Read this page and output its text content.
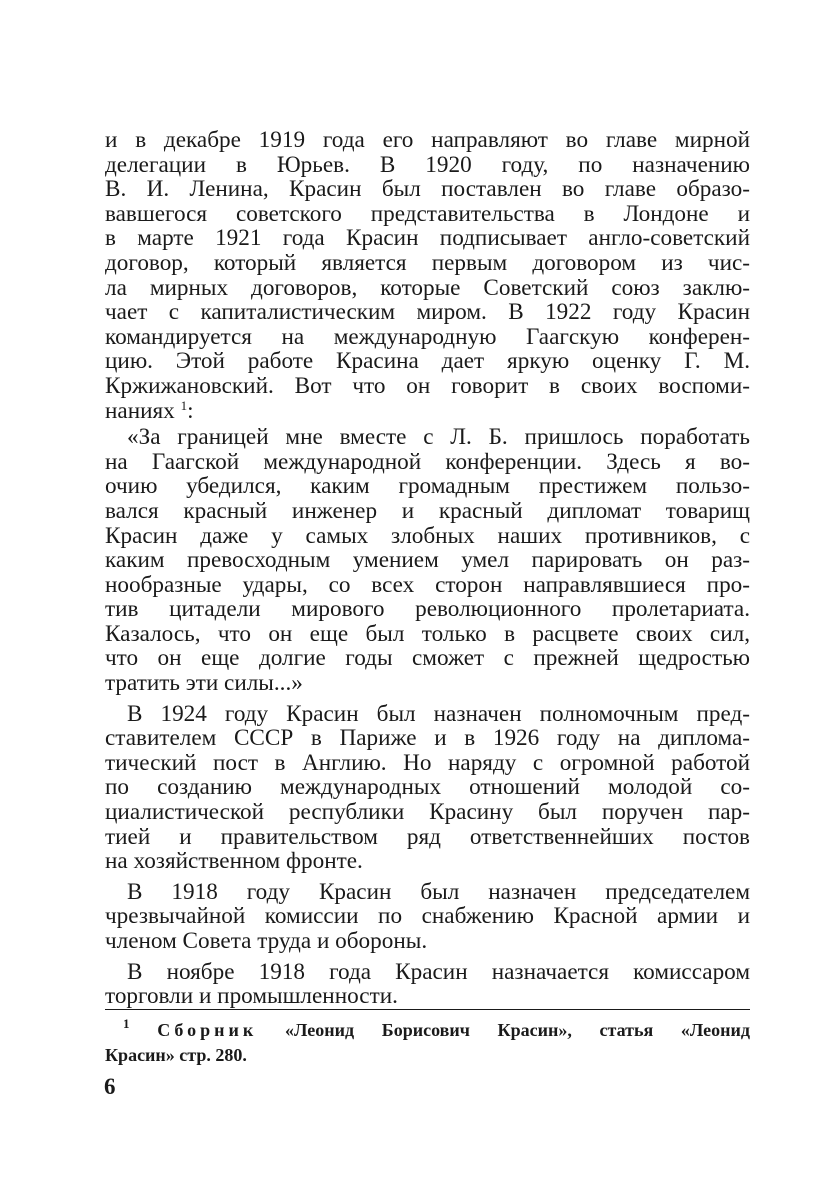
и в декабре 1919 года его направляют во главе мирной
делегации в Юрьев. В 1920 году, по назначению
В. И. Ленина, Красин был поставлен во главе образо-
вавшегося советского представительства в Лондоне и
в марте 1921 года Красин подписывает англо-советский
договор, который является первым договором из чис-
ла мирных договоров, которые Советский союз заклю-
чает с капиталистическим миром. В 1922 году Красин
командируется на международную Гаагскую конферен-
цию. Этой работе Красина дает яркую оценку Г. М.
Кржижановский. Вот что он говорит в своих воспоми-
наниях $^1$:
«За границей мне вместе с Л. Б. пришлось поработать
на Гаагской международной конференции. Здесь я во-
очию убедился, каким громадным престижем пользо-
вался красный инженер и красный дипломат товарищ
Красин даже у самых злобных наших противников, с
каким превосходным умением умел парировать он раз-
нообразные удары, со всех сторон направлявшиеся про-
тив цитадели мирового революционного пролетариата.
Казалось, что он еще был только в расцвете своих сил,
что он еще долгие годы сможет с прежней щедростью
тратить эти силы...»
В 1924 году Красин был назначен полномочным пред-
ставителем СССР в Париже и в 1926 году на диплома-
тический пост в Англию. Но наряду с огромной работой
по созданию международных отношений молодой со-
циалистической республики Красину был поручен пар-
тией и правительством ряд ответственнейших постов
на хозяйственном фронте.
В 1918 году Красин был назначен председателем
чрезвычайной комиссии по снабжению Красной армии и
членом Совета труда и обороны.
В ноябре 1918 года Красин назначается комиссаром
торговли и промышленности.
$^1$ Сборник «Леонид Борисович Красин», статья «Леонид
Красин» стр. 280.
6
